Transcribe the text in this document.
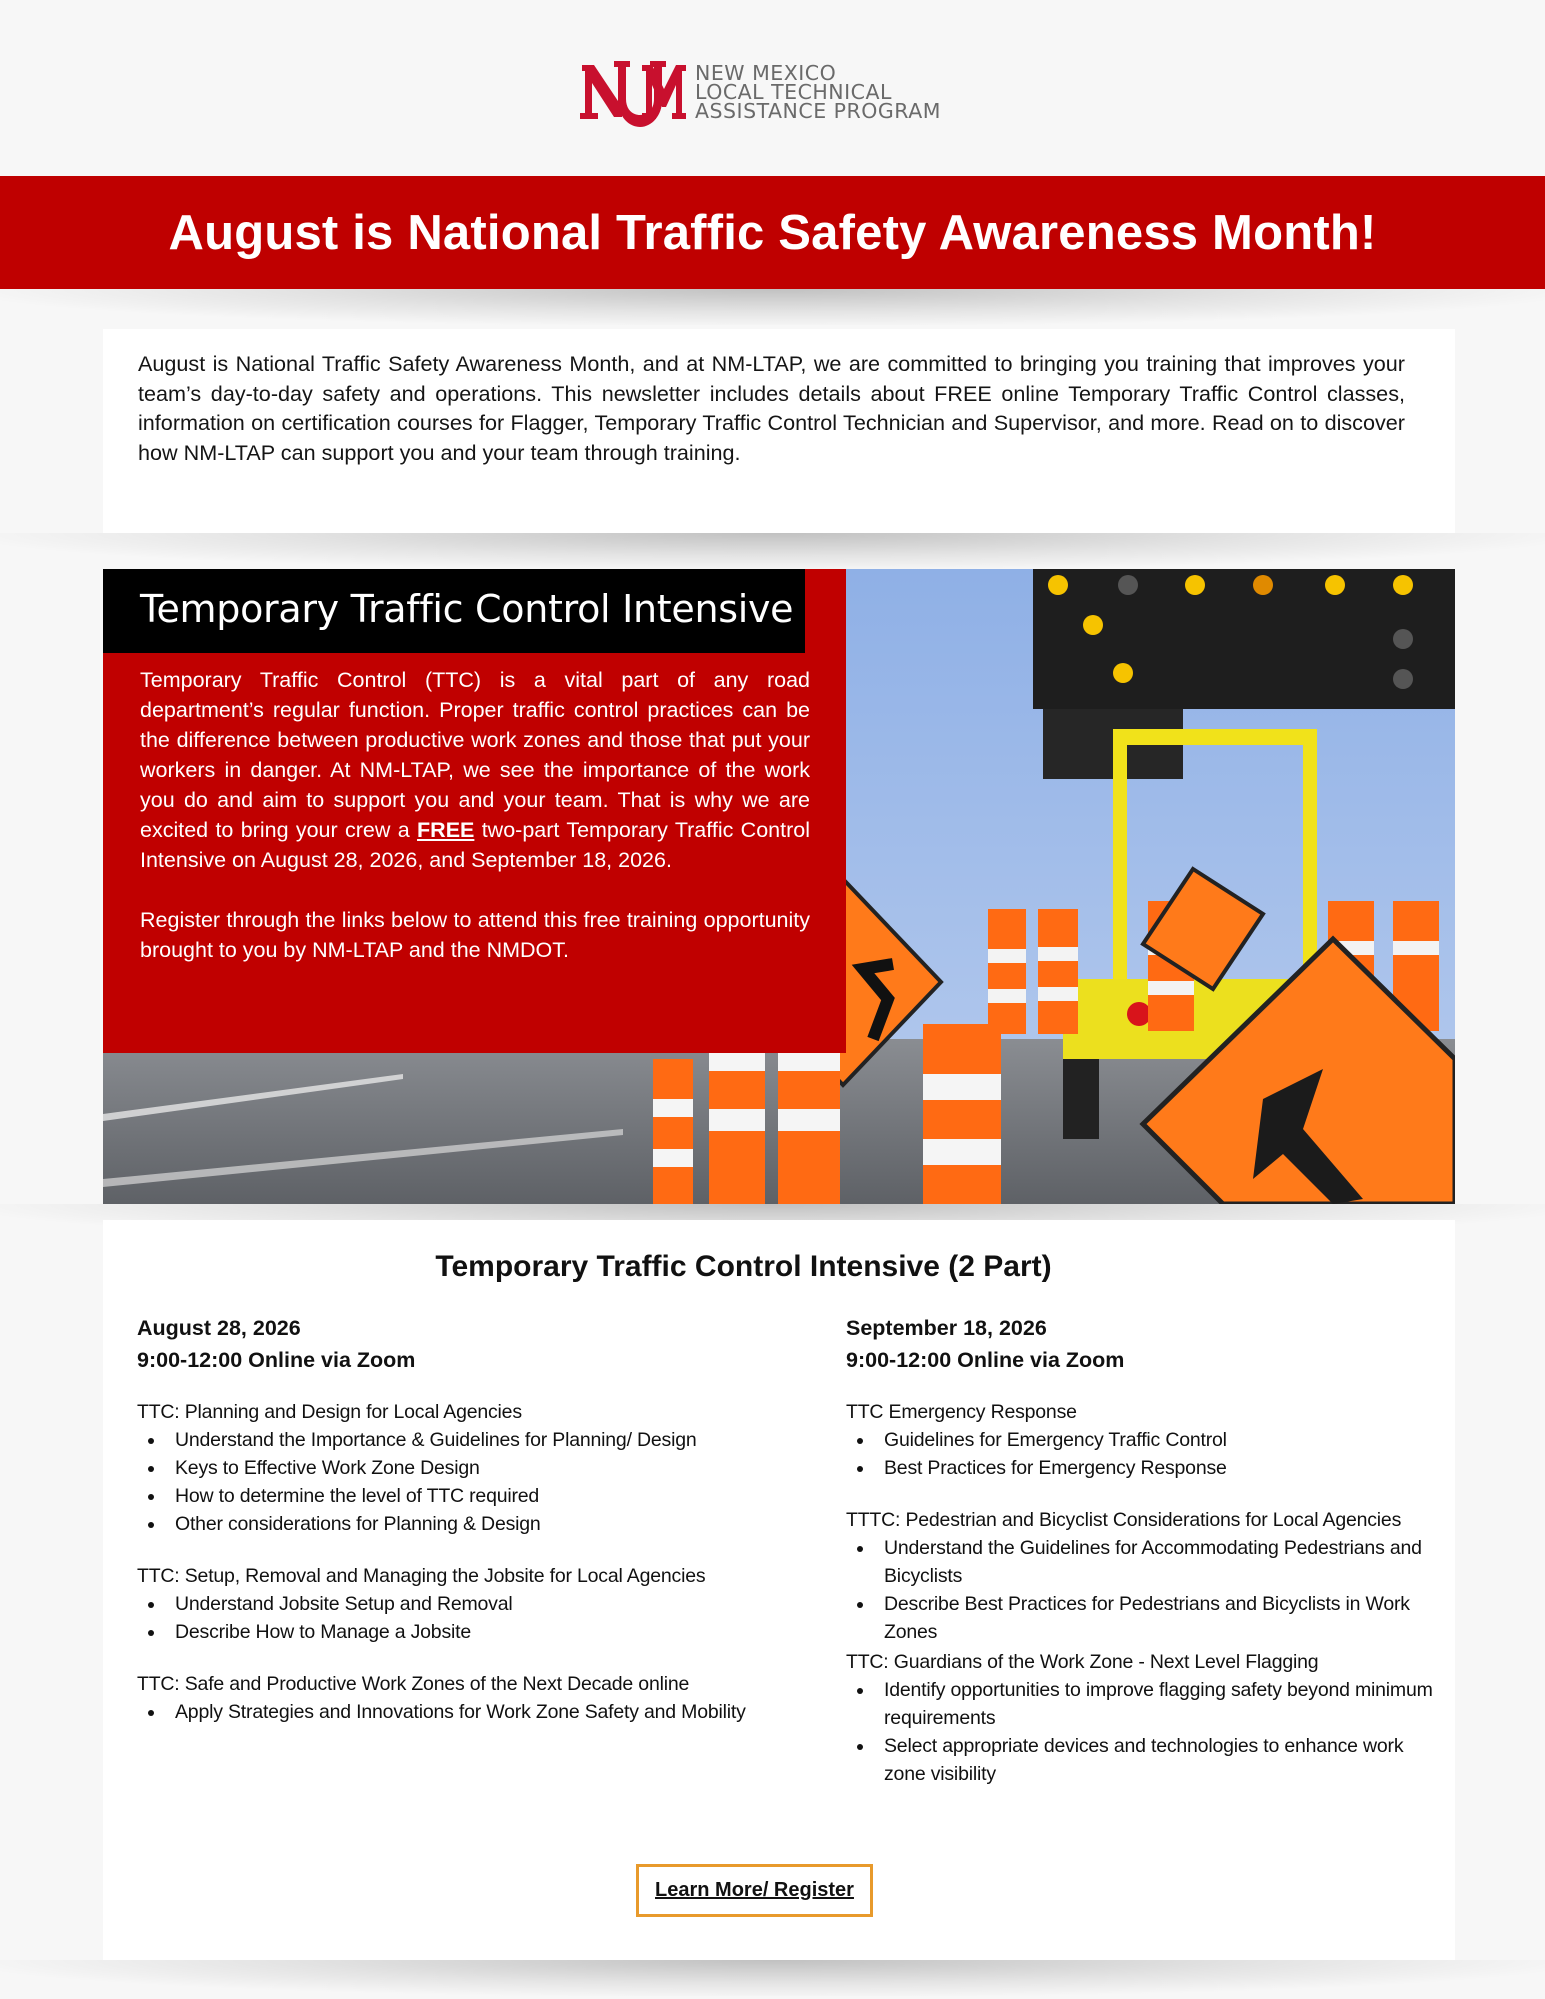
NEW MEXICO
LOCAL TECHNICAL
ASSISTANCE PROGRAM
August is National Traffic Safety Awareness Month!

August is National Traffic Safety Awareness Month, and at NM-LTAP, we are committed to bringing you training that improves your team’s day-to-day safety and operations. This newsletter includes details about FREE online Temporary Traffic Control classes, information on certification courses for Flagger, Temporary Traffic Control Technician and Supervisor, and more. Read on to discover how NM-LTAP can support you and your team through training.

Temporary Traffic Control Intensive

Temporary Traffic Control (TTC) is a vital part of any road department’s regular function. Proper traffic control practices can be the difference between productive work zones and those that put your workers in danger. At NM-LTAP, we see the importance of the work you do and aim to support you and your team. That is why we are excited to bring your crew a FREE two-part Temporary Traffic Control Intensive on August 28, 2026, and September 18, 2026.

Register through the links below to attend this free training opportunity brought to you by NM-LTAP and the NMDOT.

Temporary Traffic Control Intensive (2 Part)
August 28, 2026
9:00-12:00 Online via Zoom
TTC: Planning and Design for Local Agencies
Understand the Importance & Guidelines for Planning/ Design
Keys to Effective Work Zone Design
How to determine the level of TTC required
Other considerations for Planning & Design
TTC: Setup, Removal and Managing the Jobsite for Local Agencies
Understand Jobsite Setup and Removal
Describe How to Manage a Jobsite
TTC: Safe and Productive Work Zones of the Next Decade online
Apply Strategies and Innovations for Work Zone Safety and Mobility
September 18, 2026
9:00-12:00 Online via Zoom
TTC Emergency Response
Guidelines for Emergency Traffic Control
Best Practices for Emergency Response
TTTC: Pedestrian and Bicyclist Considerations for Local Agencies
Understand the Guidelines for Accommodating Pedestrians and Bicyclists
Describe Best Practices for Pedestrians and Bicyclists in Work Zones
TTC: Guardians of the Work Zone - Next Level Flagging
Identify opportunities to improve flagging safety beyond minimum requirements
Select appropriate devices and technologies to enhance work zone visibility
Learn More/ Register
